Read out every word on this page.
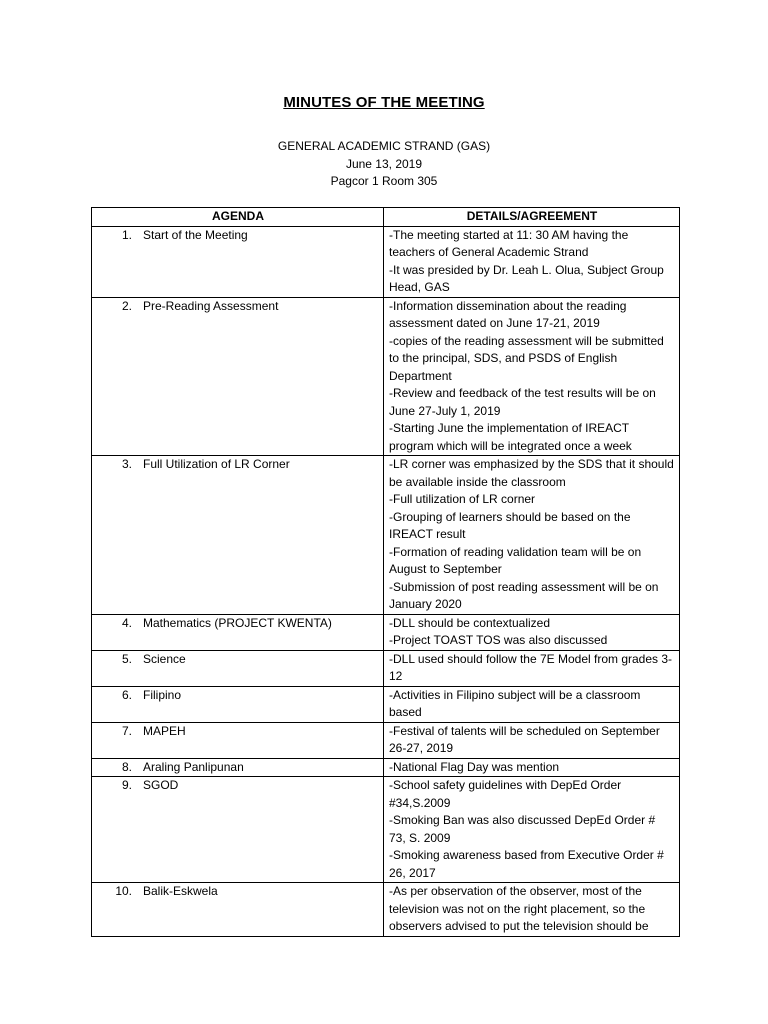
MINUTES OF THE MEETING
GENERAL ACADEMIC STRAND (GAS)
June 13, 2019
Pagcor 1 Room 305
AGENDA	DETAILS/AGREEMENT
1. Start of the Meeting	-The meeting started at 11: 30 AM having the teachers of General Academic Strand
-It was presided by Dr. Leah L. Olua, Subject Group Head, GAS

2. Pre-Reading Assessment	-Information dissemination about the reading assessment dated on June 17-21, 2019
-copies of the reading assessment will be submitted to the principal, SDS, and PSDS of English Department
-Review and feedback of the test results will be on June 27-July 1, 2019
-Starting June the implementation of IREACT program which will be integrated once a week

3. Full Utilization of LR Corner	-LR corner was emphasized by the SDS that it should be available inside the classroom
-Full utilization of LR corner
-Grouping of learners should be based on the IREACT result
-Formation of reading validation team will be on August to September
-Submission of post reading assessment will be on January 2020

4. Mathematics (PROJECT KWENTA)	-DLL should be contextualized
-Project TOAST TOS was also discussed

5. Science	-DLL used should follow the 7E Model from grades 3-12

6. Filipino	-Activities in Filipino subject will be a classroom based

7. MAPEH	-Festival of talents will be scheduled on September 26-27, 2019

8. Araling Panlipunan	-National Flag Day was mention

9. SGOD	-School safety guidelines with DepEd Order #34,S.2009
-Smoking Ban was also discussed DepEd Order # 73, S. 2009
-Smoking awareness based from Executive Order # 26, 2017

10. Balik-Eskwela	-As per observation of the observer, most of the television was not on the right placement, so the observers advised to put the television should be
